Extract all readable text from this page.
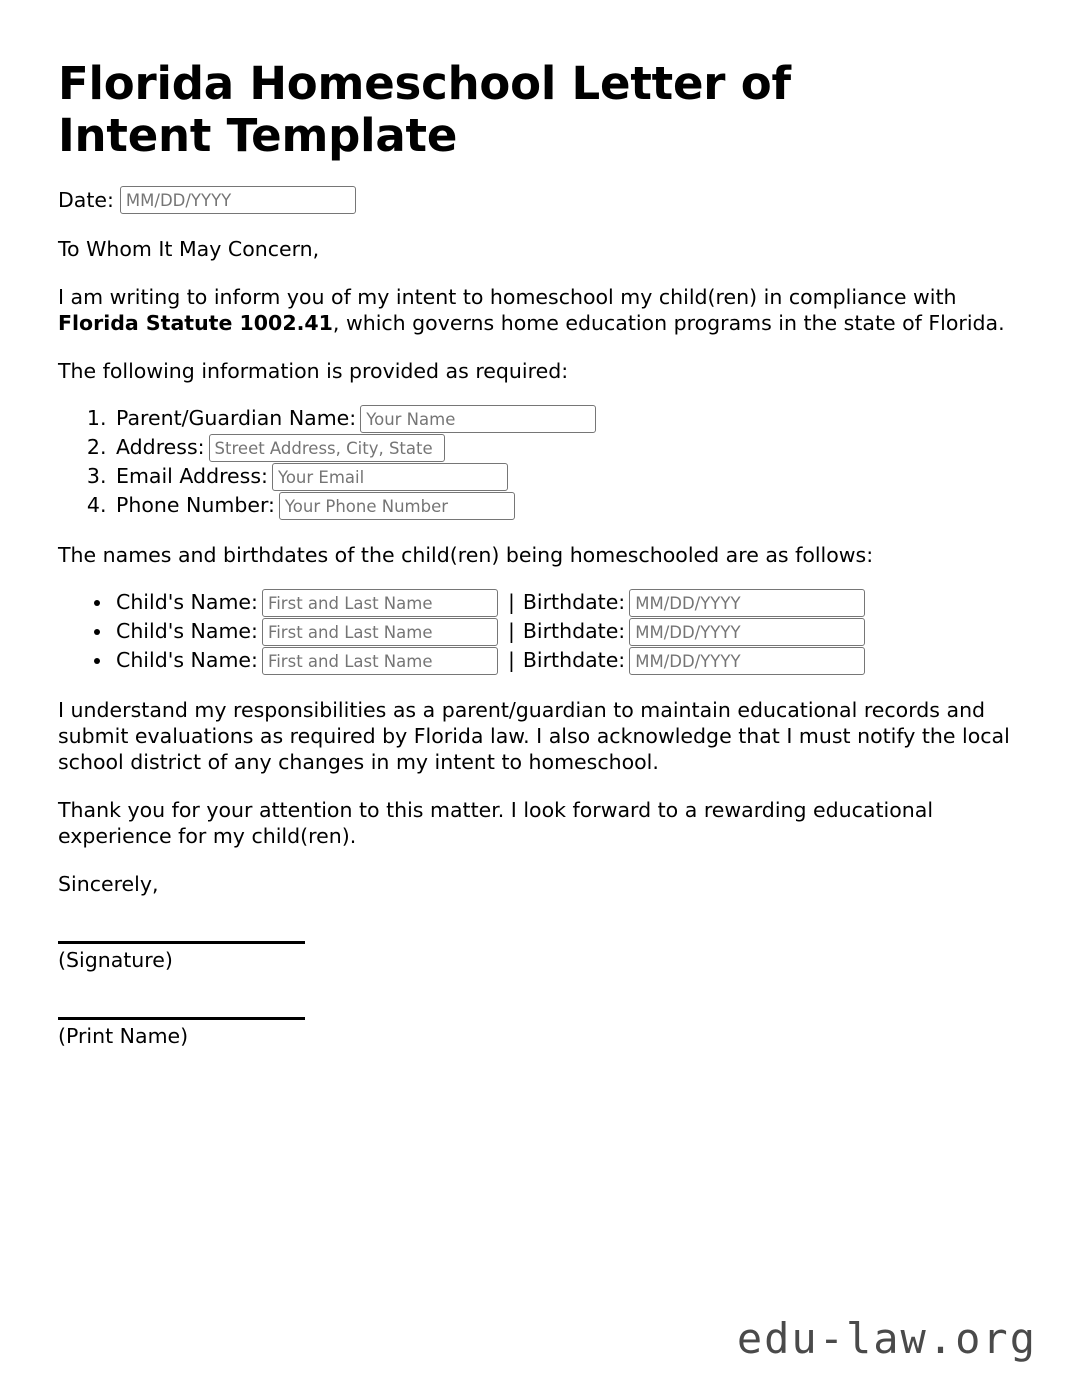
Florida Homeschool Letter of Intent Template
Date:
MM/DD/YYYY

To Whom It May Concern,

I am writing to inform you of my intent to homeschool my child(ren) in compliance with Florida Statute 1002.41, which governs home education programs in the state of Florida.

The following information is provided as required:

1. Parent/Guardian Name:Your Name
2. Address:Street Address, City, State
3. Email Address:Your Email
4. Phone Number:Your Phone Number

The names and birthdates of the child(ren) being homeschooled are as follows:

• Child's Name:First and Last Name	| Birthdate:MM/DD/YYYY
• Child's Name:First and Last Name	| Birthdate:MM/DD/YYYY
• Child's Name:First and Last Name	| Birthdate:MM/DD/YYYY

I understand my responsibilities as a parent/guardian to maintain educational records and submit evaluations as required by Florida law. I also acknowledge that I must notify the local school district of any changes in my intent to homeschool.

Thank you for your attention to this matter. I look forward to a rewarding educational experience for my child(ren).

Sincerely,

(Signature)

(Print Name)

edu-law.org
